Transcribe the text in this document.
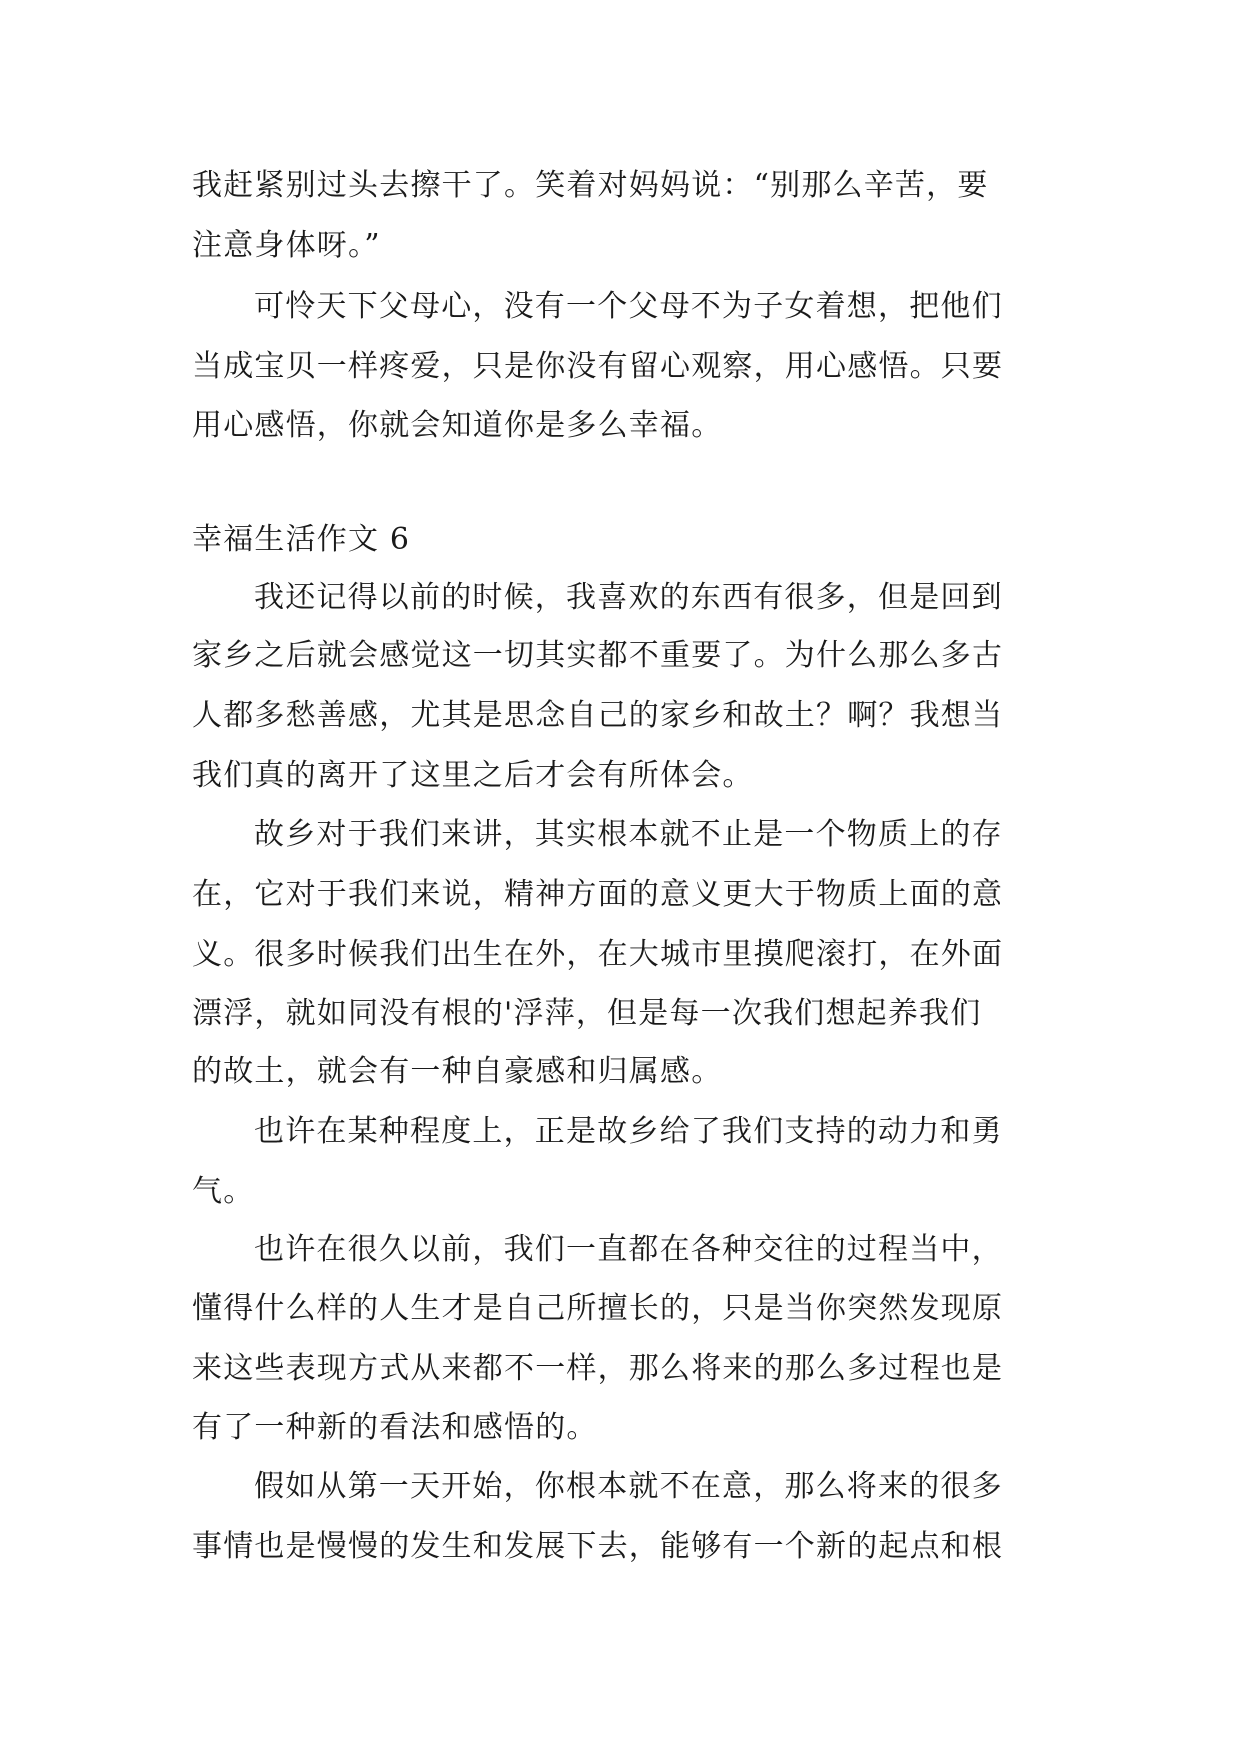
我赶紧别过头去擦干了。笑着对妈妈说：“别那么辛苦，要
注意身体呀。”
可怜天下父母心，没有一个父母不为子女着想，把他们
当成宝贝一样疼爱，只是你没有留心观察，用心感悟。只要
用心感悟，你就会知道你是多么幸福。
幸福生活作文 6
我还记得以前的时候，我喜欢的东西有很多，但是回到
家乡之后就会感觉这一切其实都不重要了。为什么那么多古
人都多愁善感，尤其是思念自己的家乡和故土？啊？我想当
我们真的离开了这里之后才会有所体会。
故乡对于我们来讲，其实根本就不止是一个物质上的存
在，它对于我们来说，精神方面的意义更大于物质上面的意
义。很多时候我们出生在外，在大城市里摸爬滚打，在外面
漂浮，就如同没有根的'浮萍，但是每一次我们想起养我们
的故土，就会有一种自豪感和归属感。
也许在某种程度上，正是故乡给了我们支持的动力和勇
气。
也许在很久以前，我们一直都在各种交往的过程当中，
懂得什么样的人生才是自己所擅长的，只是当你突然发现原
来这些表现方式从来都不一样，那么将来的那么多过程也是
有了一种新的看法和感悟的。
假如从第一天开始，你根本就不在意，那么将来的很多
事情也是慢慢的发生和发展下去，能够有一个新的起点和根
